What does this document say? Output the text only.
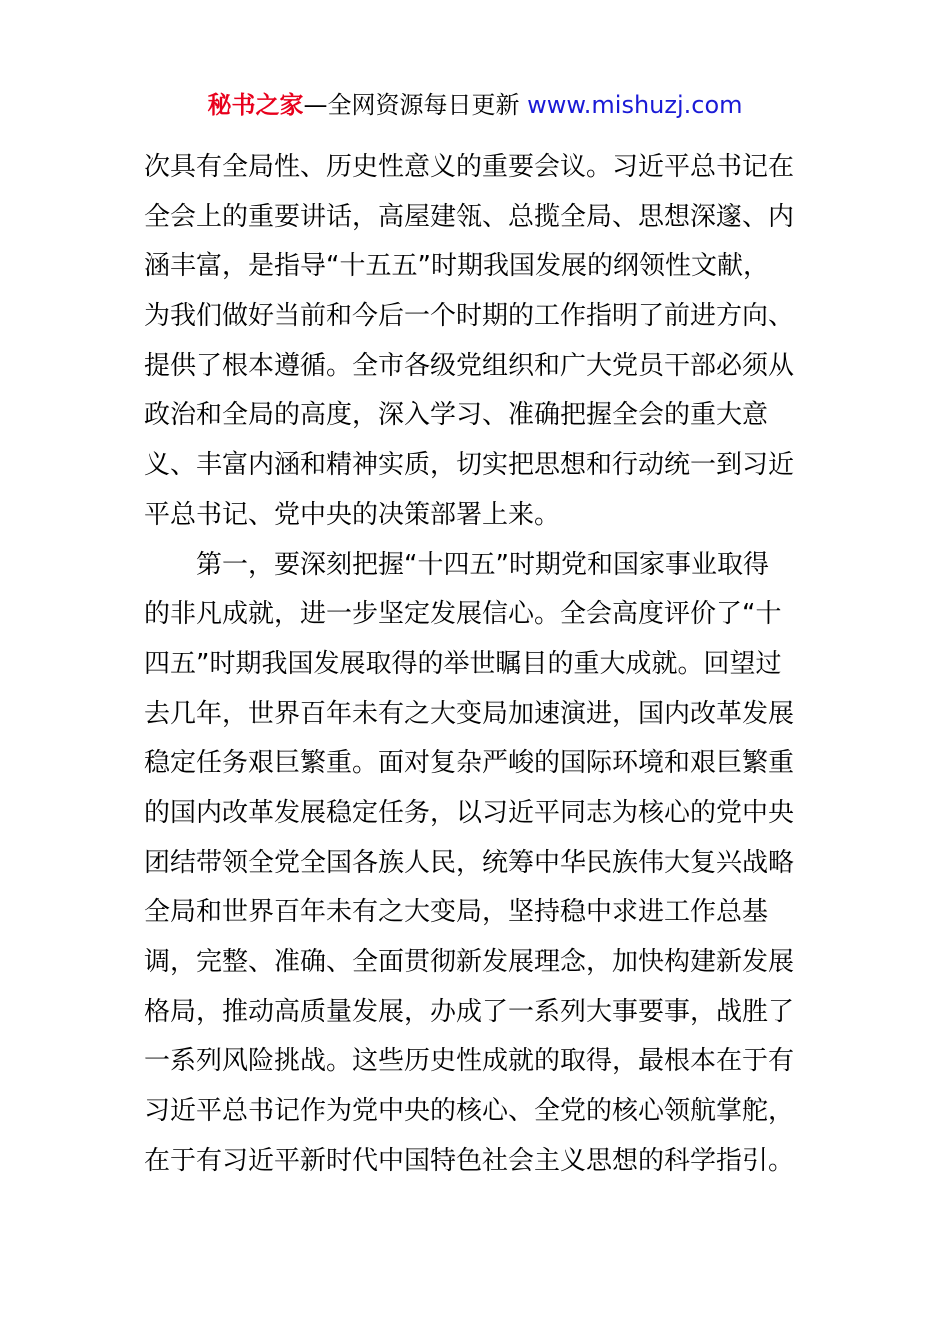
秘书之家—全网资源每日更新 www.mishuzj.com
次具有全局性、历史性意义的重要会议。习近平总书记在
全会上的重要讲话，高屋建瓴、总揽全局、思想深邃、内
涵丰富，是指导“十五五”时期我国发展的纲领性文献，
为我们做好当前和今后一个时期的工作指明了前进方向、
提供了根本遵循。全市各级党组织和广大党员干部必须从
政治和全局的高度，深入学习、准确把握全会的重大意
义、丰富内涵和精神实质，切实把思想和行动统一到习近
平总书记、党中央的决策部署上来。
第一，要深刻把握“十四五”时期党和国家事业取得
的非凡成就，进一步坚定发展信心。全会高度评价了“十
四五”时期我国发展取得的举世瞩目的重大成就。回望过
去几年，世界百年未有之大变局加速演进，国内改革发展
稳定任务艰巨繁重。面对复杂严峻的国际环境和艰巨繁重
的国内改革发展稳定任务，以习近平同志为核心的党中央
团结带领全党全国各族人民，统筹中华民族伟大复兴战略
全局和世界百年未有之大变局，坚持稳中求进工作总基
调，完整、准确、全面贯彻新发展理念，加快构建新发展
格局，推动高质量发展，办成了一系列大事要事，战胜了
一系列风险挑战。这些历史性成就的取得，最根本在于有
习近平总书记作为党中央的核心、全党的核心领航掌舵，
在于有习近平新时代中国特色社会主义思想的科学指引。
